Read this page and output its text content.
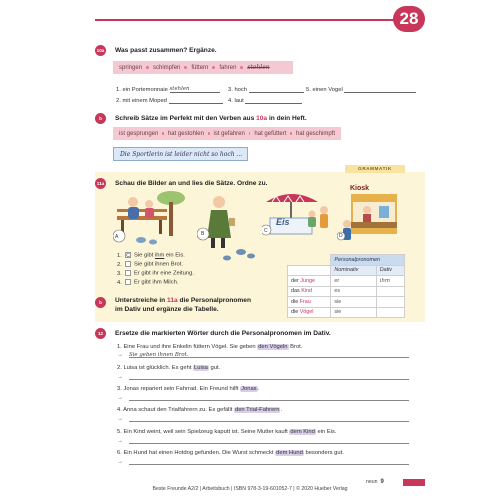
28
10a Was passt zusammen? Ergänze.
springen schimpfen füttern fahren stehlen
1. ein Portemonnaie stehlen
2. mit einem Moped
3. hoch
4. laut
5. einen Vogel
b	Schreib Sätze im Perfekt mit den Verben aus 10a in dein Heft.
ist gesprungen hat gestohlen ist gefahren hat gefüttert hat geschimpft
Die Sportlerin ist leider nicht so hoch ...
GRAMMATIK
11a Schau die Bilder an und lies die Sätze. Ordne zu.
A	B
Eis
C
Kiosk
D
1. C Sie gibt ihm ein Eis.
2. Sie gibt ihnen Brot.
3. Er gibt ihr eine Zeitung.
4. Er gibt ihm Milch.
b	Unterstreiche in 11a die Personalpronomen
im Dativ und ergänze die Tabelle.
	Personalpronomen	
	Nominativ	Dativ
der Junge	er	ihm
das Kind	es	
die Frau	sie	
die Vögel	sie	
12	Ersetze die markierten Wörter durch die Personalpronomen im Dativ.
1. Eine Frau und ihre Enkelin füttern Vögel. Sie geben den Vögeln Brot.
→ Sie geben ihnen Brot.
2. Luisa ist glücklich. Es geht Luisa gut.
→
3. Jonas repariert sein Fahrrad. Ein Freund hilft Jonas.
→
4. Anna schaut den Trialfahrern zu. Es gefällt den Trial-Fahrern.
→
5. Ein Kind weint, weil sein Spielzeug kaputt ist. Seine Mutter kauft dem Kind ein Eis.
→
6. Ein Hund hat einen Hotdog gefunden. Die Wurst schmeckt dem Hund besonders gut.
→
neun 9
Beste Freunde A2/2 | Arbeitsbuch | ISBN 978-3-19-601052-7 | © 2020 Hueber Verlag
